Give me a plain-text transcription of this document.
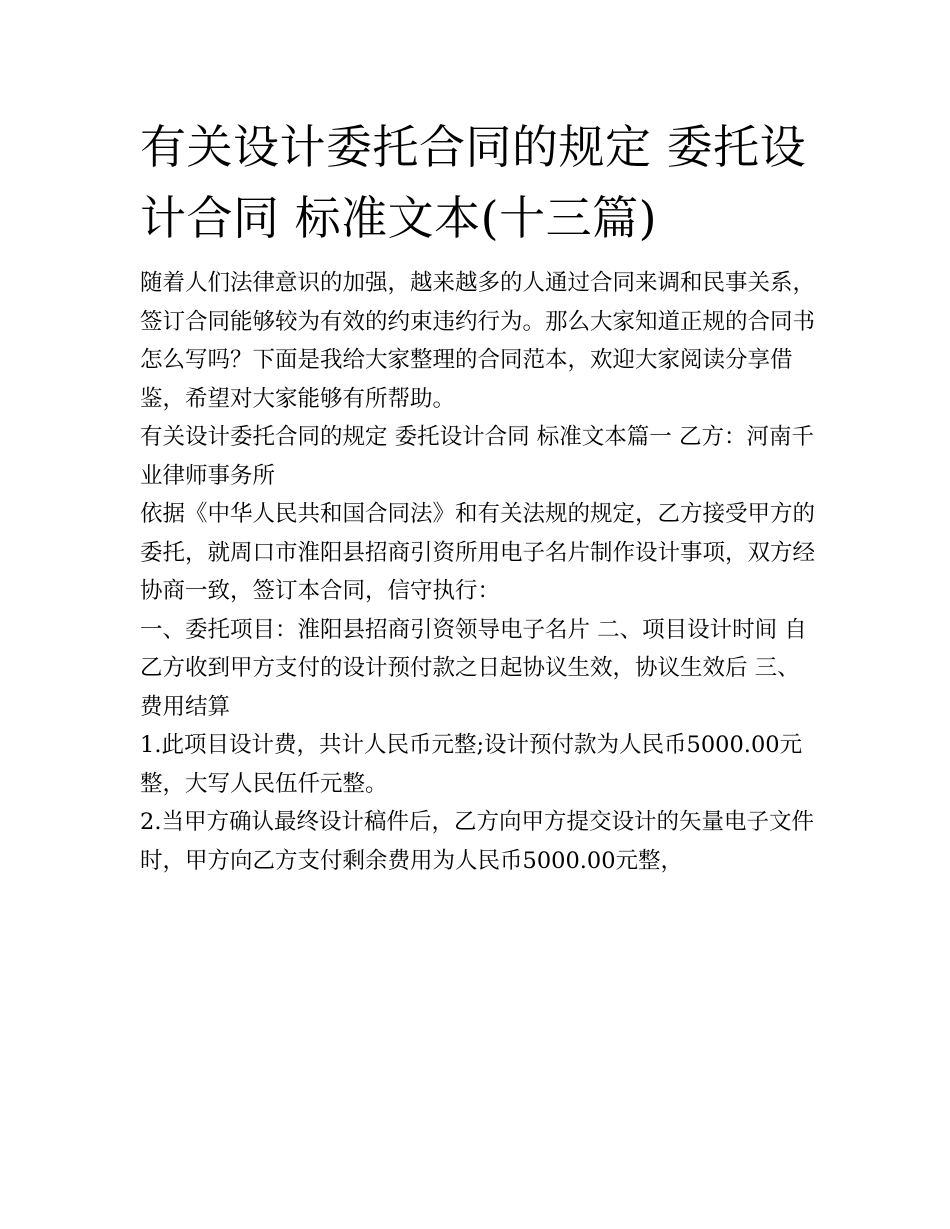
有关设计委托合同的规定 委托设计合同 标准文本(十三篇)

随着人们法律意识的加强，越来越多的人通过合同来调和民事关系，签订合同能够较为有效的约束违约行为。那么大家知道正规的合同书怎么写吗？下面是我给大家整理的合同范本，欢迎大家阅读分享借鉴，希望对大家能够有所帮助。

有关设计委托合同的规定 委托设计合同 标准文本篇一 乙方：河南千业律师事务所

依据《中华人民共和国合同法》和有关法规的规定，乙方接受甲方的委托，就周口市淮阳县招商引资所用电子名片制作设计事项，双方经协商一致，签订本合同，信守执行：

一、委托项目：淮阳县招商引资领导电子名片 二、项目设计时间 自乙方收到甲方支付的设计预付款之日起协议生效，协议生效后 三、费用结算

1.此项目设计费，共计人民币元整;设计预付款为人民币5000.00元整，大写人民伍仟元整。

2.当甲方确认最终设计稿件后，乙方向甲方提交设计的矢量电子文件时，甲方向乙方支付剩余费用为人民币5000.00元整，
